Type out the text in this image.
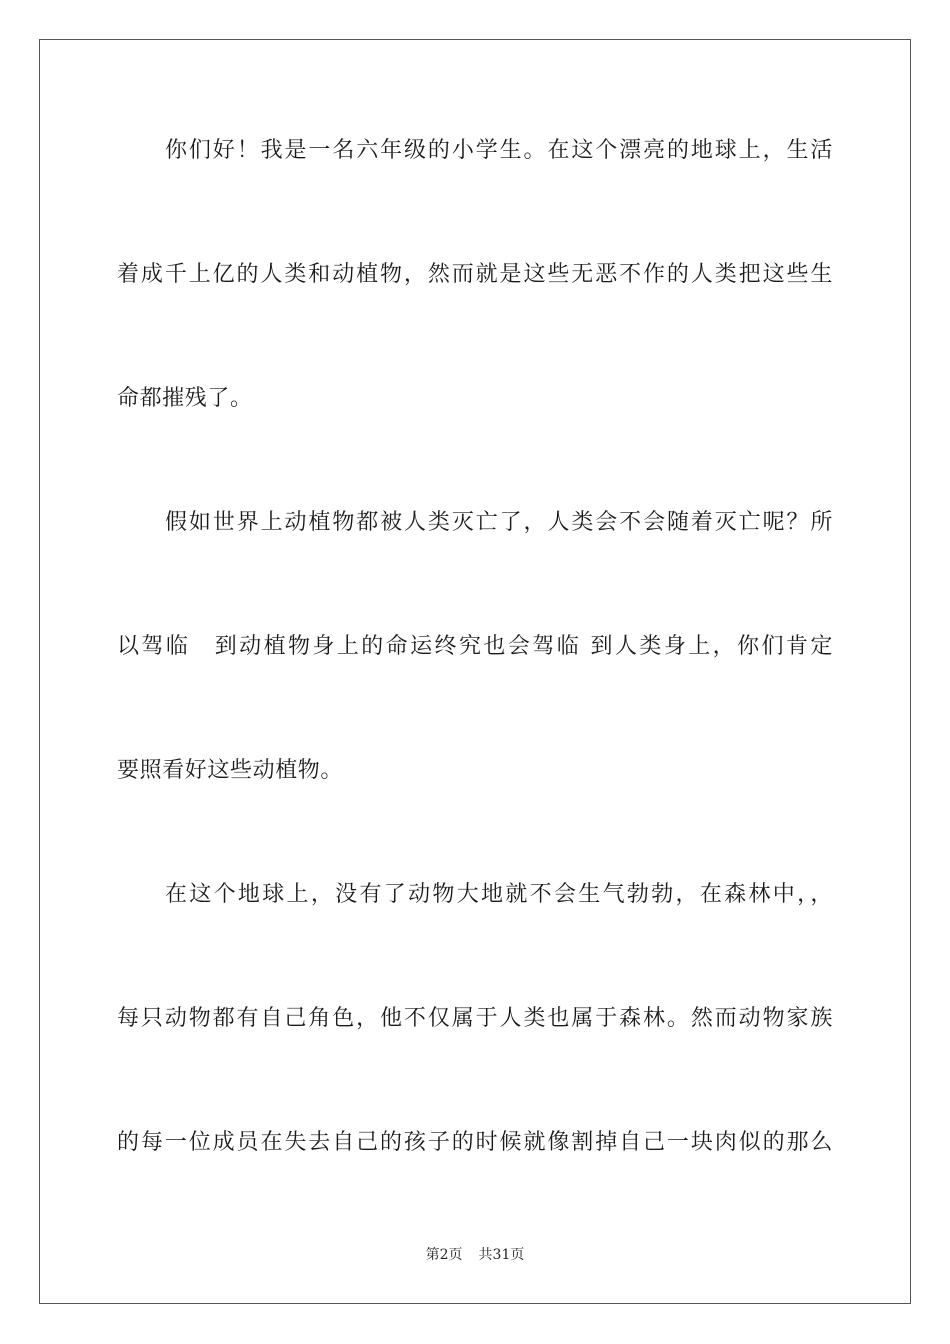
你们好！我是一名六年级的小学生。在这个漂亮的地球上，生活
着成千上亿的人类和动植物，然而就是这些无恶不作的人类把这些生
命都摧残了。
假如世界上动植物都被人类灭亡了，人类会不会随着灭亡呢？所
以驾临　到动植物身上的命运终究也会驾临 到人类身上，你们肯定
要照看好这些动植物。
在这个地球上，没有了动物大地就不会生气勃勃，在森林中，，
每只动物都有自己角色，他不仅属于人类也属于森林。然而动物家族
的每一位成员在失去自己的孩子的时候就像割掉自己一块肉似的那么
第2页 共31页
